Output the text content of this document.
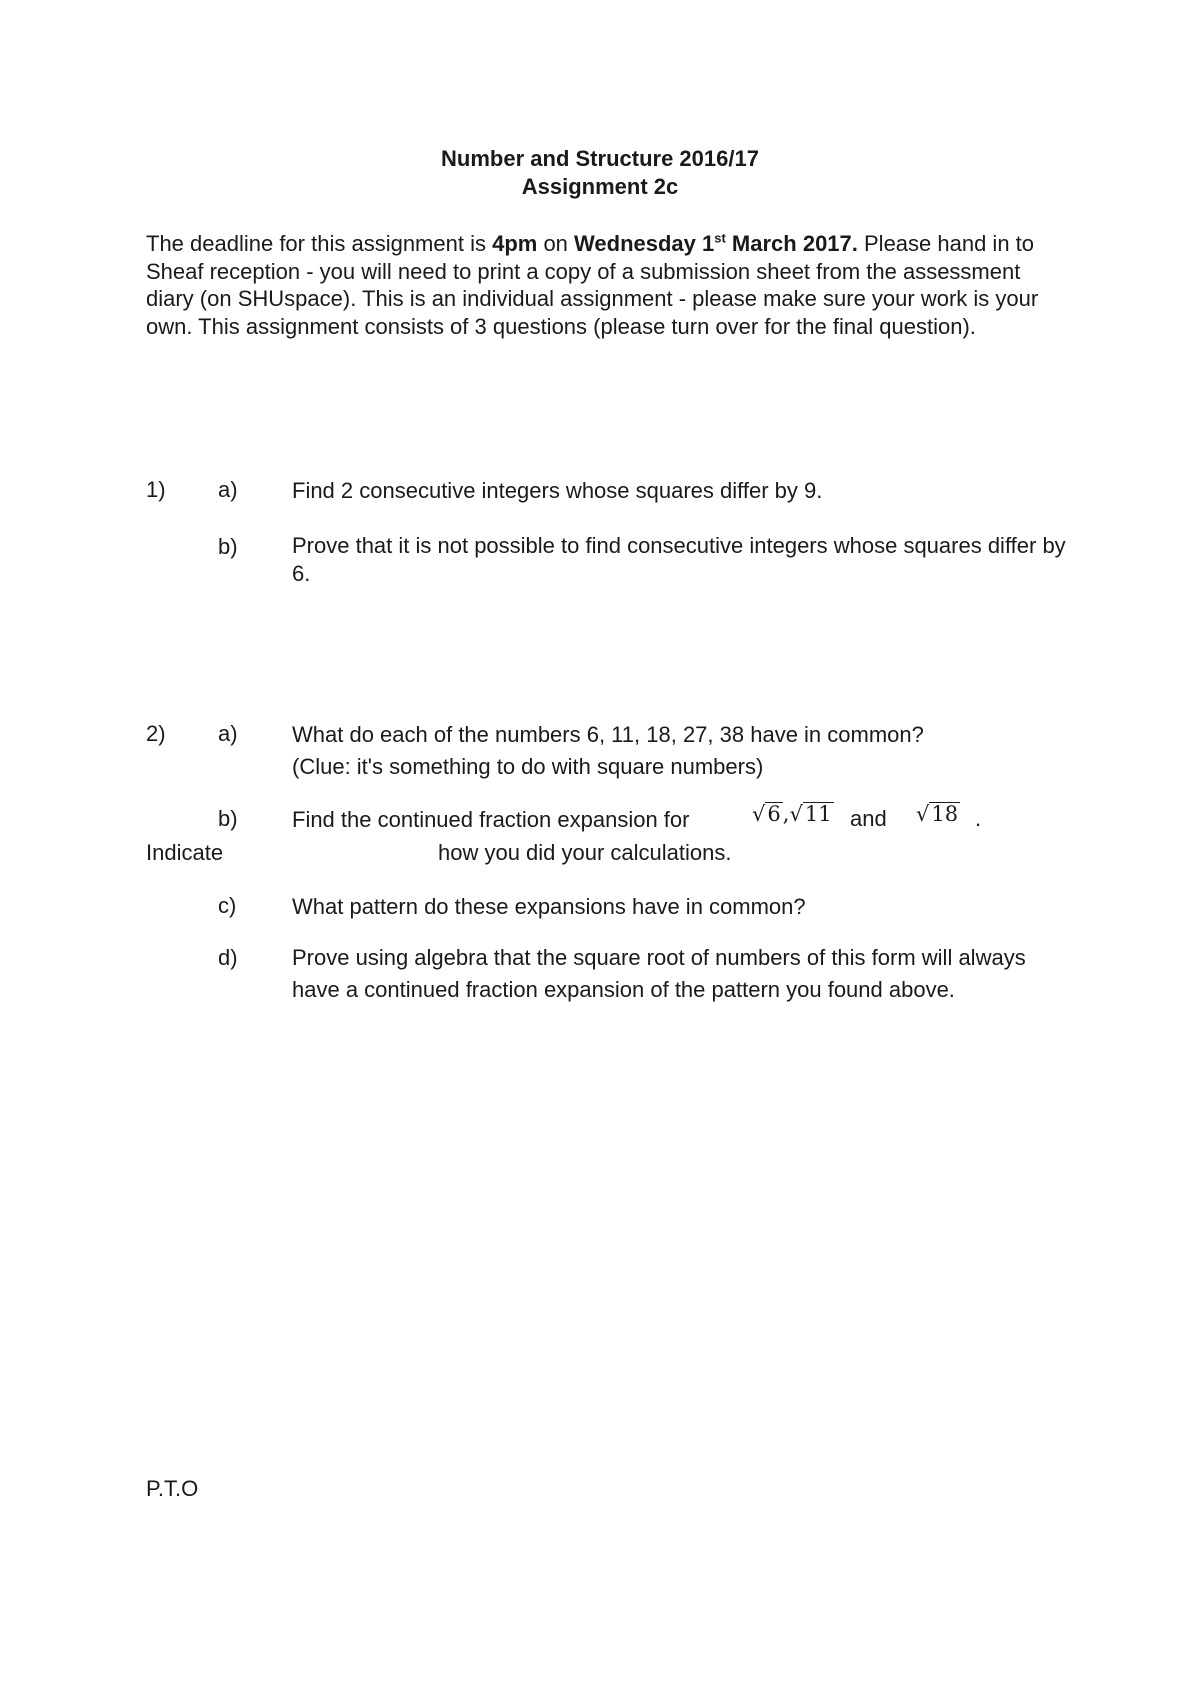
Number and Structure 2016/17
Assignment 2c

The deadline for this assignment is 4pm on Wednesday 1st March 2017. Please hand in to Sheaf reception - you will need to print a copy of a submission sheet from the assessment diary (on SHUspace). This is an individual assignment - please make sure your work is your own. This assignment consists of 3 questions (please turn over for the final question).

1) a) Find 2 consecutive integers whose squares differ by 9.
b) Prove that it is not possible to find consecutive integers whose squares differ by 6.
2) a) What do each of the numbers 6, 11, 18, 27, 38 have in common?
(Clue: it's something to do with square numbers)
b) Find the continued fraction expansion for	√6,√11 and √18 .
Indicate	how you did your calculations.
c)	What pattern do these expansions have in common?
d) Prove using algebra that the square root of numbers of this form will always have a continued fraction expansion of the pattern you found above.
P.T.O
